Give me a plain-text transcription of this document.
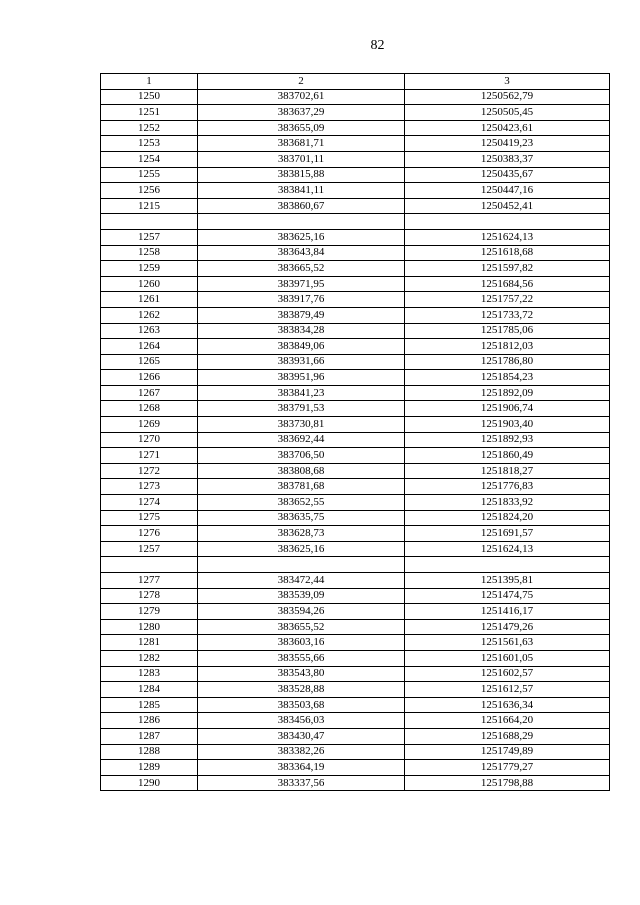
82
1	2	3
1250	383702,61	1250562,79
1251	383637,29	1250505,45
1252	383655,09	1250423,61
1253	383681,71	1250419,23
1254	383701,11	1250383,37
1255	383815,88	1250435,67
1256	383841,11	1250447,16
1215	383860,67	1250452,41

1257	383625,16	1251624,13
1258	383643,84	1251618,68
1259	383665,52	1251597,82
1260	383971,95	1251684,56
1261	383917,76	1251757,22
1262	383879,49	1251733,72
1263	383834,28	1251785,06
1264	383849,06	1251812,03
1265	383931,66	1251786,80
1266	383951,96	1251854,23
1267	383841,23	1251892,09
1268	383791,53	1251906,74
1269	383730,81	1251903,40
1270	383692,44	1251892,93
1271	383706,50	1251860,49
1272	383808,68	1251818,27
1273	383781,68	1251776,83
1274	383652,55	1251833,92
1275	383635,75	1251824,20
1276	383628,73	1251691,57
1257	383625,16	1251624,13

1277	383472,44	1251395,81
1278	383539,09	1251474,75
1279	383594,26	1251416,17
1280	383655,52	1251479,26
1281	383603,16	1251561,63
1282	383555,66	1251601,05
1283	383543,80	1251602,57
1284	383528,88	1251612,57
1285	383503,68	1251636,34
1286	383456,03	1251664,20
1287	383430,47	1251688,29
1288	383382,26	1251749,89
1289	383364,19	1251779,27
1290	383337,56	1251798,88
